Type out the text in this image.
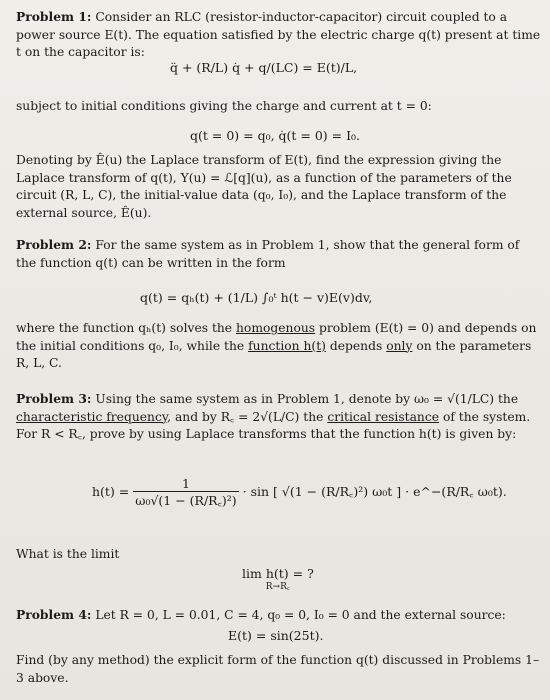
Problem 1: Consider an RLC (resistor-inductor-capacitor) circuit coupled to a power source E(t). The equation satisfied by the electric charge q(t) present at time t on the capacitor is:
q̈ + (R/L) q̇ + q/(LC) = E(t)/L,
subject to initial conditions giving the charge and current at t = 0:
q(t = 0) = q₀, q̇(t = 0) = I₀.
Denoting by Ê(u) the Laplace transform of E(t), find the expression giving the Laplace transform of q(t), Y(u) = ℒ[q](u), as a function of the parameters of the circuit (R, L, C), the initial-value data (q₀, I₀), and the Laplace transform of the external source, Ê(u).
Problem 2: For the same system as in Problem 1, show that the general form of the function q(t) can be written in the form
q(t) = qₕ(t) + (1/L) ∫₀ᵗ h(t − v)E(v)dv,
where the function qₕ(t) solves the homogenous problem (E(t) = 0) and depends on the initial conditions q₀, I₀, while the function h(t) depends only on the parameters R, L, C.
Problem 3: Using the same system as in Problem 1, denote by ω₀ = √(1/LC) the characteristic frequency, and by R꜀ = 2√(L/C) the critical resistance of the system. For R < R꜀, prove by using Laplace transforms that the function h(t) is given by:
$h(t) = \frac{1}{\text{ω₀√(1 − (R/R꜀)²)}} \cdot \sin$ [ √(1 − (R/R꜀)²) ω₀t ] · e^−(R/R꜀ ω₀t).
What is the limit
lim h(t) = ?
R→R꜀
Problem 4: Let R = 0, L = 0.01, C = 4, q₀ = 0, I₀ = 0 and the external source:
E(t) = sin(25t).
Find (by any method) the explicit form of the function q(t) discussed in Problems 1–3 above.
